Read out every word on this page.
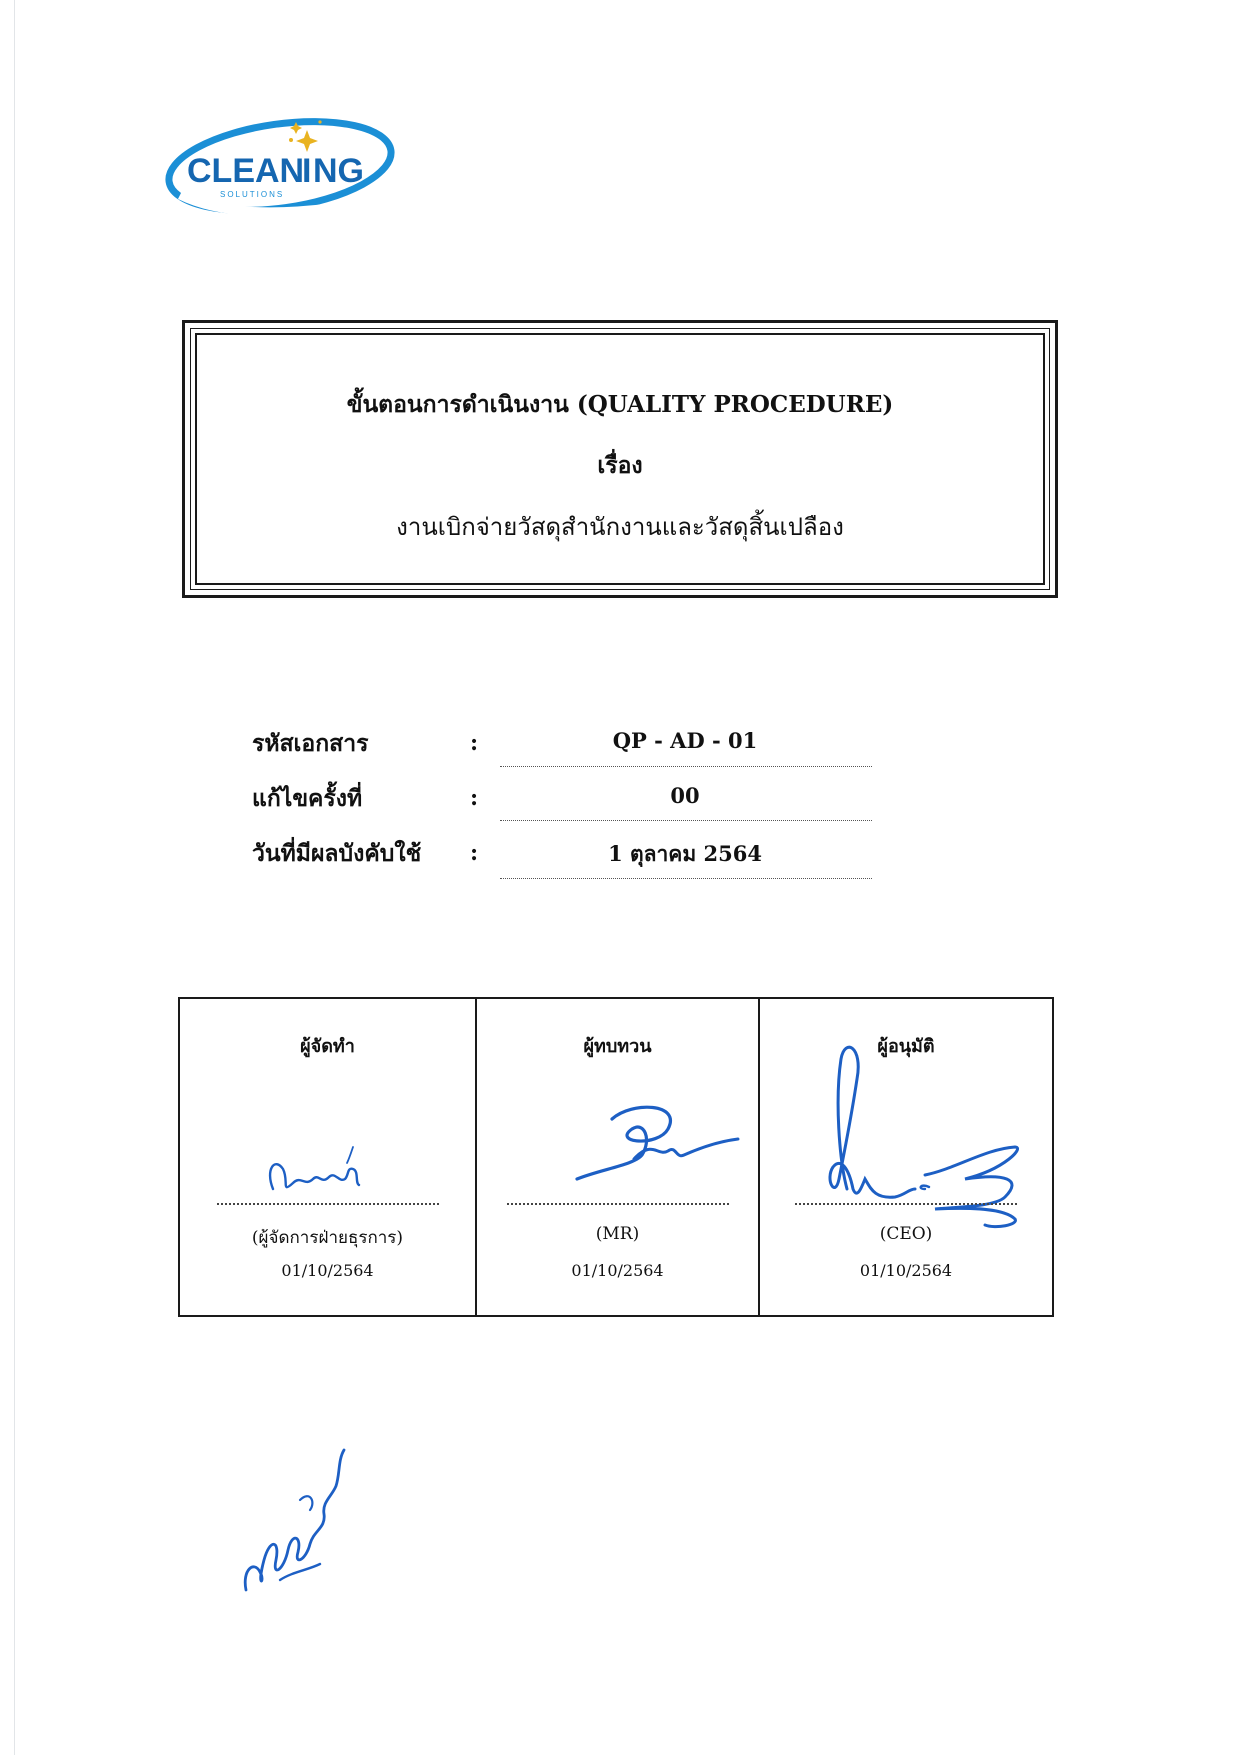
CLEAN
I NG
SOLUTIONS
ขั้นตอนการดำเนินงาน (QUALITY PROCEDURE)
เรื่อง
งานเบิกจ่ายวัสดุสำนักงานและวัสดุสิ้นเปลือง
รหัสเอกสาร	:	QP - AD - 01
แก้ไขครั้งที่	:	00
วันที่มีผลบังคับใช้ :	1 ตุลาคม 2564
ผู้จัดทำ
(ผู้จัดการฝ่ายธุรการ)
01/10/2564
ผู้ทบทวน
(MR)
01/10/2564
ผู้อนุมัติ
(CEO)
01/10/2564
